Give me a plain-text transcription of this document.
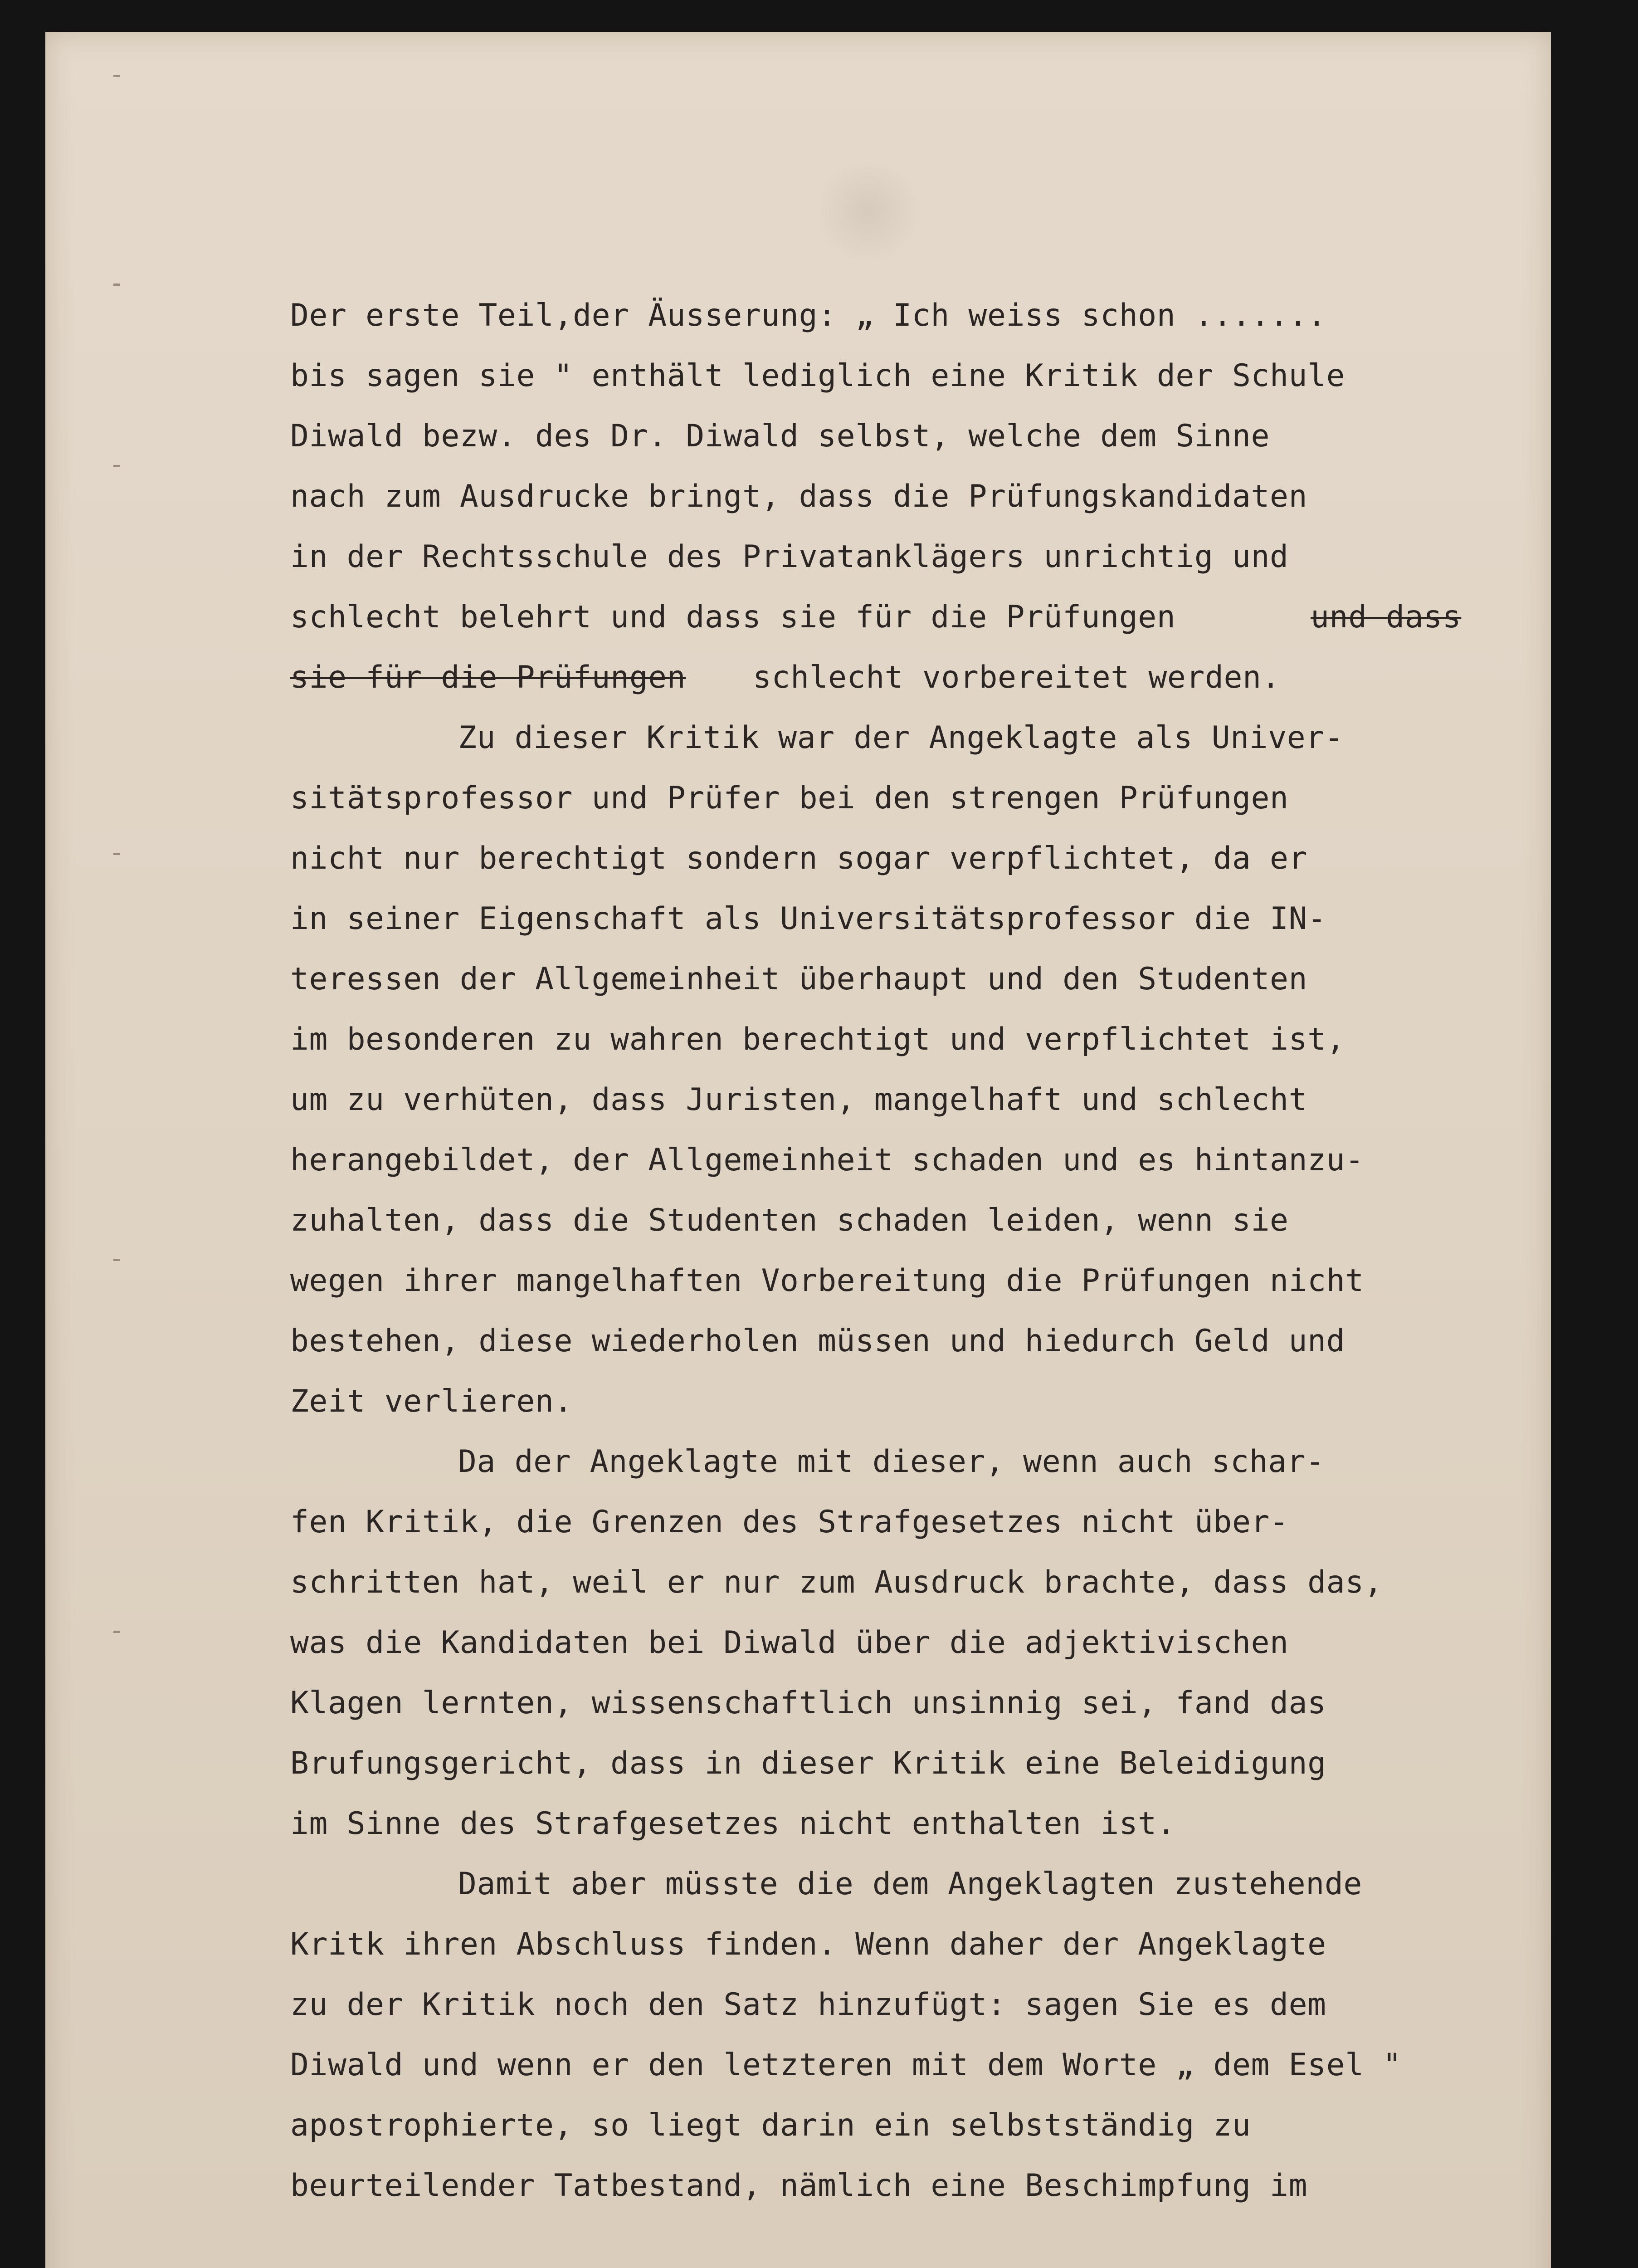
Der erste Teil,der Äusserung: „ Ich weiss schon .......
bis sagen sie " enthält lediglich eine Kritik der Schule
Diwald bezw. des Dr. Diwald selbst, welche dem Sinne
nach zum Ausdrucke bringt, dass die Prüfungskandidaten
in der Rechtsschule des Privatanklägers unrichtig und
schlecht belehrt und dass sie für die Prüfungen	und dass
sie für die Prüfungen schlecht vorbereitet werden.
Zu dieser Kritik war der Angeklagte als Univer-
sitätsprofessor und Prüfer bei den strengen Prüfungen
nicht nur berechtigt sondern sogar verpflichtet, da er
in seiner Eigenschaft als Universitätsprofessor die IN-
teressen der Allgemeinheit überhaupt und den Studenten
im besonderen zu wahren berechtigt und verpflichtet ist,
um zu verhüten, dass Juristen, mangelhaft und schlecht
herangebildet, der Allgemeinheit schaden und es hintanzu-
zuhalten, dass die Studenten schaden leiden, wenn sie
wegen ihrer mangelhaften Vorbereitung die Prüfungen nicht
bestehen, diese wiederholen müssen und hiedurch Geld und
Zeit verlieren.
Da der Angeklagte mit dieser, wenn auch schar-
fen Kritik, die Grenzen des Strafgesetzes nicht über-
schritten hat, weil er nur zum Ausdruck brachte, dass das,
was die Kandidaten bei Diwald über die adjektivischen
Klagen lernten, wissenschaftlich unsinnig sei, fand das
Brufungsgericht, dass in dieser Kritik eine Beleidigung
im Sinne des Strafgesetzes nicht enthalten ist.
Damit aber müsste die dem Angeklagten zustehende
Kritk ihren Abschluss finden. Wenn daher der Angeklagte
zu der Kritik noch den Satz hinzufügt: sagen Sie es dem
Diwald und wenn er den letzteren mit dem Worte „ dem Esel "
apostrophierte, so liegt darin ein selbstständig zu
beurteilender Tatbestand, nämlich eine Beschimpfung im
